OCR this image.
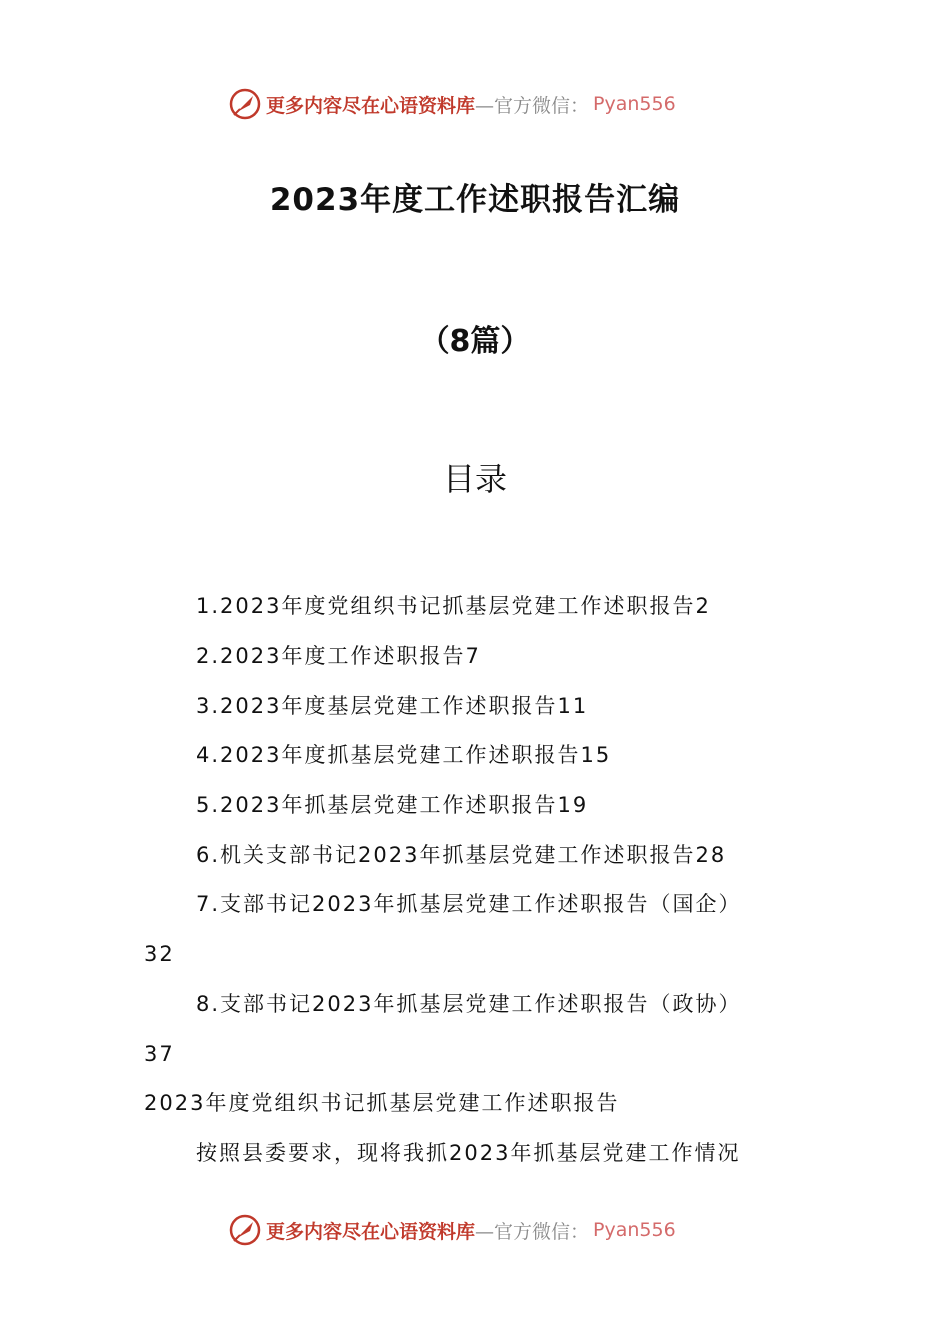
更多内容尽在心语资料库 —官方微信： Pyan556
2023年度工作述职报告汇编
（8篇）
目录
1.2023年度党组织书记抓基层党建工作述职报告2
2.2023年度工作述职报告7
3.2023年度基层党建工作述职报告11
4.2023年度抓基层党建工作述职报告15
5.2023年抓基层党建工作述职报告19
6.机关支部书记2023年抓基层党建工作述职报告28
7.支部书记2023年抓基层党建工作述职报告（国企）
32
8.支部书记2023年抓基层党建工作述职报告（政协）
37
2023年度党组织书记抓基层党建工作述职报告
按照县委要求，现将我抓2023年抓基层党建工作情况
更多内容尽在心语资料库 —官方微信： Pyan556
